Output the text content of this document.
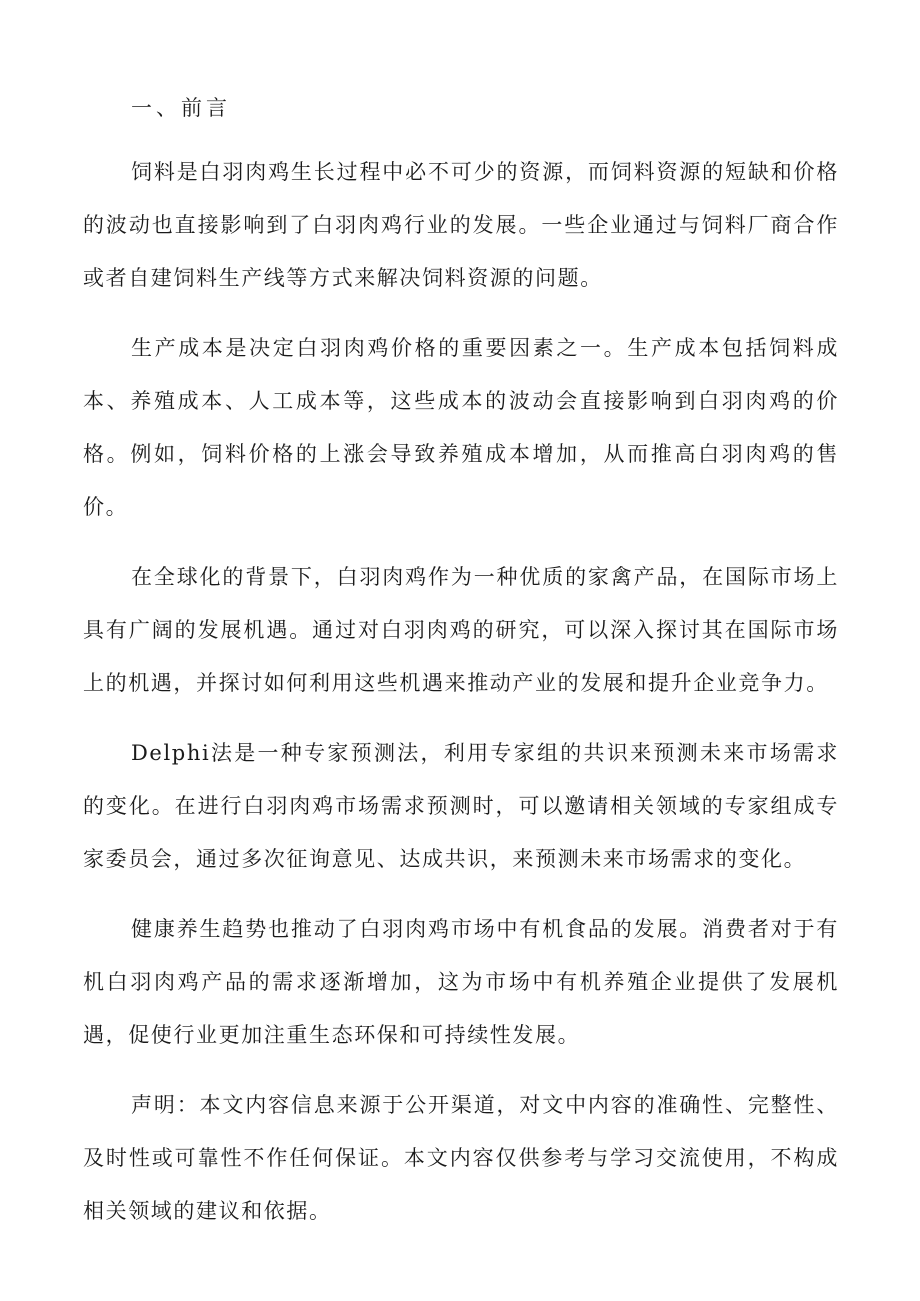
一、前言

饲料是白羽肉鸡生长过程中必不可少的资源，而饲料资源的短缺和价格的波动也直接影响到了白羽肉鸡行业的发展。一些企业通过与饲料厂商合作或者自建饲料生产线等方式来解决饲料资源的问题。

生产成本是决定白羽肉鸡价格的重要因素之一。生产成本包括饲料成本、养殖成本、人工成本等，这些成本的波动会直接影响到白羽肉鸡的价格。例如，饲料价格的上涨会导致养殖成本增加，从而推高白羽肉鸡的售价。

在全球化的背景下，白羽肉鸡作为一种优质的家禽产品，在国际市场上具有广阔的发展机遇。通过对白羽肉鸡的研究，可以深入探讨其在国际市场上的机遇，并探讨如何利用这些机遇来推动产业的发展和提升企业竞争力。

Delphi法是一种专家预测法，利用专家组的共识来预测未来市场需求的变化。在进行白羽肉鸡市场需求预测时，可以邀请相关领域的专家组成专家委员会，通过多次征询意见、达成共识，来预测未来市场需求的变化。

健康养生趋势也推动了白羽肉鸡市场中有机食品的发展。消费者对于有机白羽肉鸡产品的需求逐渐增加，这为市场中有机养殖企业提供了发展机遇，促使行业更加注重生态环保和可持续性发展。

声明：本文内容信息来源于公开渠道，对文中内容的准确性、完整性、及时性或可靠性不作任何保证。本文内容仅供参考与学习交流使用，不构成相关领域的建议和依据。
